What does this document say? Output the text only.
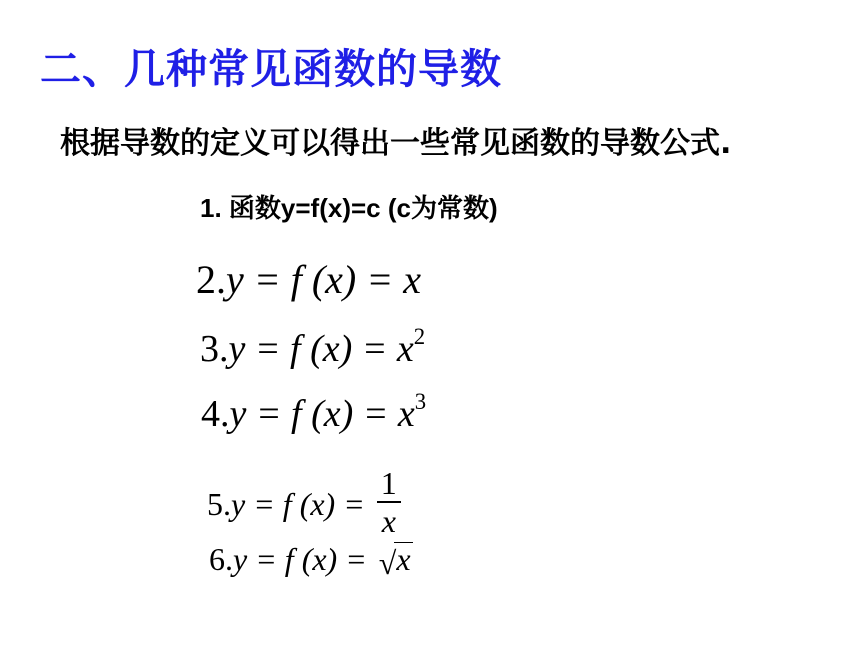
二、几种常见函数的导数
根据导数的定义可以得出一些常见函数的导数公式.
1. 函数y=f(x)=c (c为常数)
2.y = f (x) = x
3.y = f $(x) = x^2$
4.y = f $(x) = x^3$
5.y = f $(x) = \frac{1}{x}$
6.y = f (x) = √x
